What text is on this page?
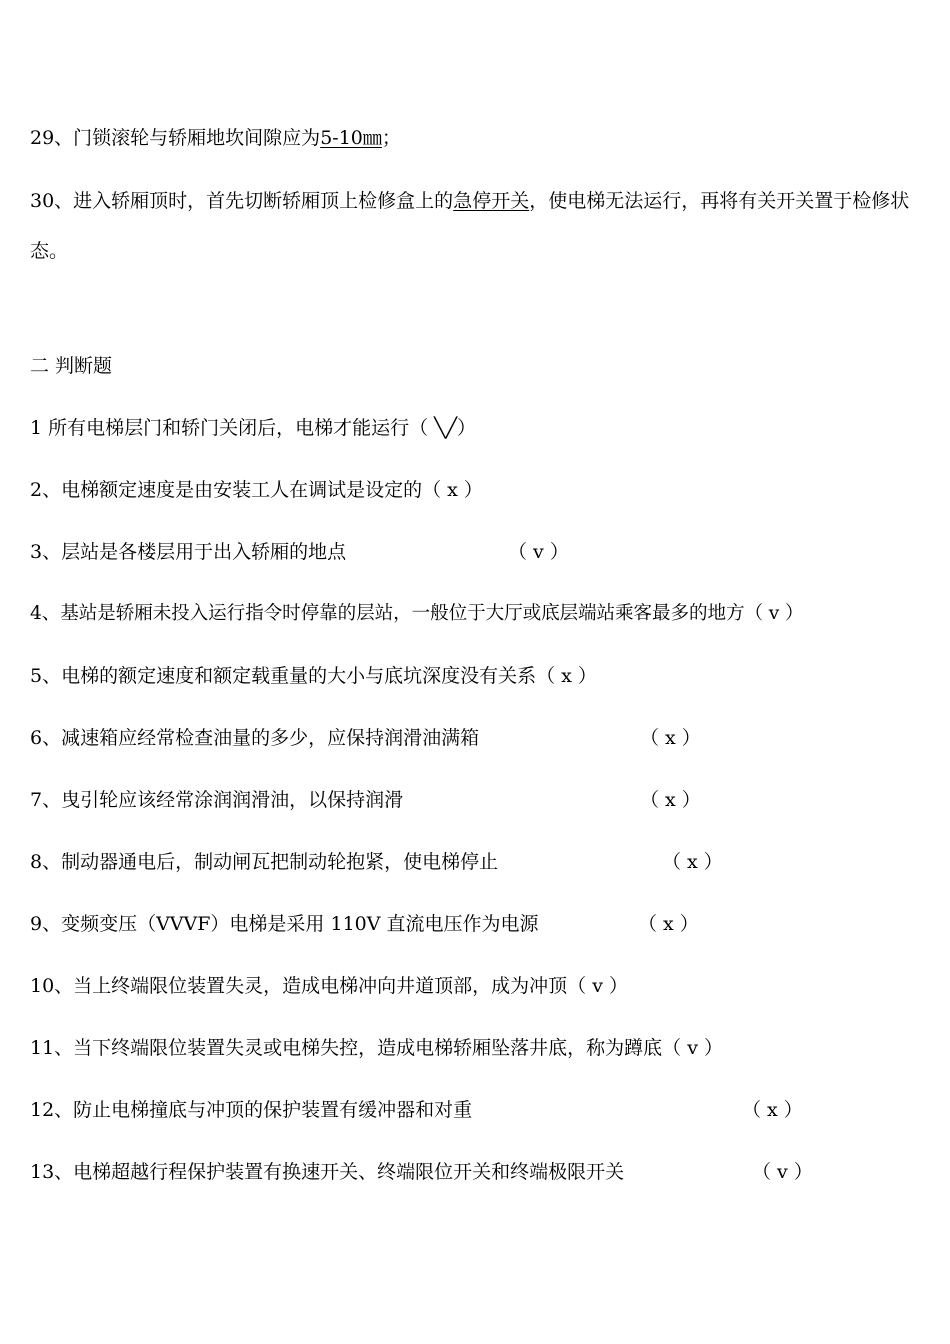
29、门锁滚轮与轿厢地坎间隙应为5-10㎜；

30、进入轿厢顶时，首先切断轿厢顶上检修盒上的急停开关，使电梯无法运行，再将有关开关置于检修状态。

二 判断题

1 所有电梯层门和轿门关闭后，电梯才能运行（ ╲╱）

2、电梯额定速度是由安装工人在调试是设定的（ x ）

3、层站是各楼层用于出入轿厢的地点	（ v ）

4、基站是轿厢未投入运行指令时停靠的层站，一般位于大厅或底层端站乘客最多的地方（ v ）

5、电梯的额定速度和额定载重量的大小与底坑深度没有关系（ x ）

6、减速箱应经常检查油量的多少，应保持润滑油满箱	（ x ）

7、曳引轮应该经常涂润润滑油，以保持润滑	（ x ）

8、制动器通电后，制动闸瓦把制动轮抱紧，使电梯停止	（ x ）

9、变频变压（VVVF）电梯是采用 110V 直流电压作为电源	（ x ）

10、当上终端限位装置失灵，造成电梯冲向井道顶部，成为冲顶（ v ）

11、当下终端限位装置失灵或电梯失控，造成电梯轿厢坠落井底，称为蹲底（ v ）

12、防止电梯撞底与冲顶的保护装置有缓冲器和对重	（ x ）

13、电梯超越行程保护装置有换速开关、终端限位开关和终端极限开关	（ v ）
